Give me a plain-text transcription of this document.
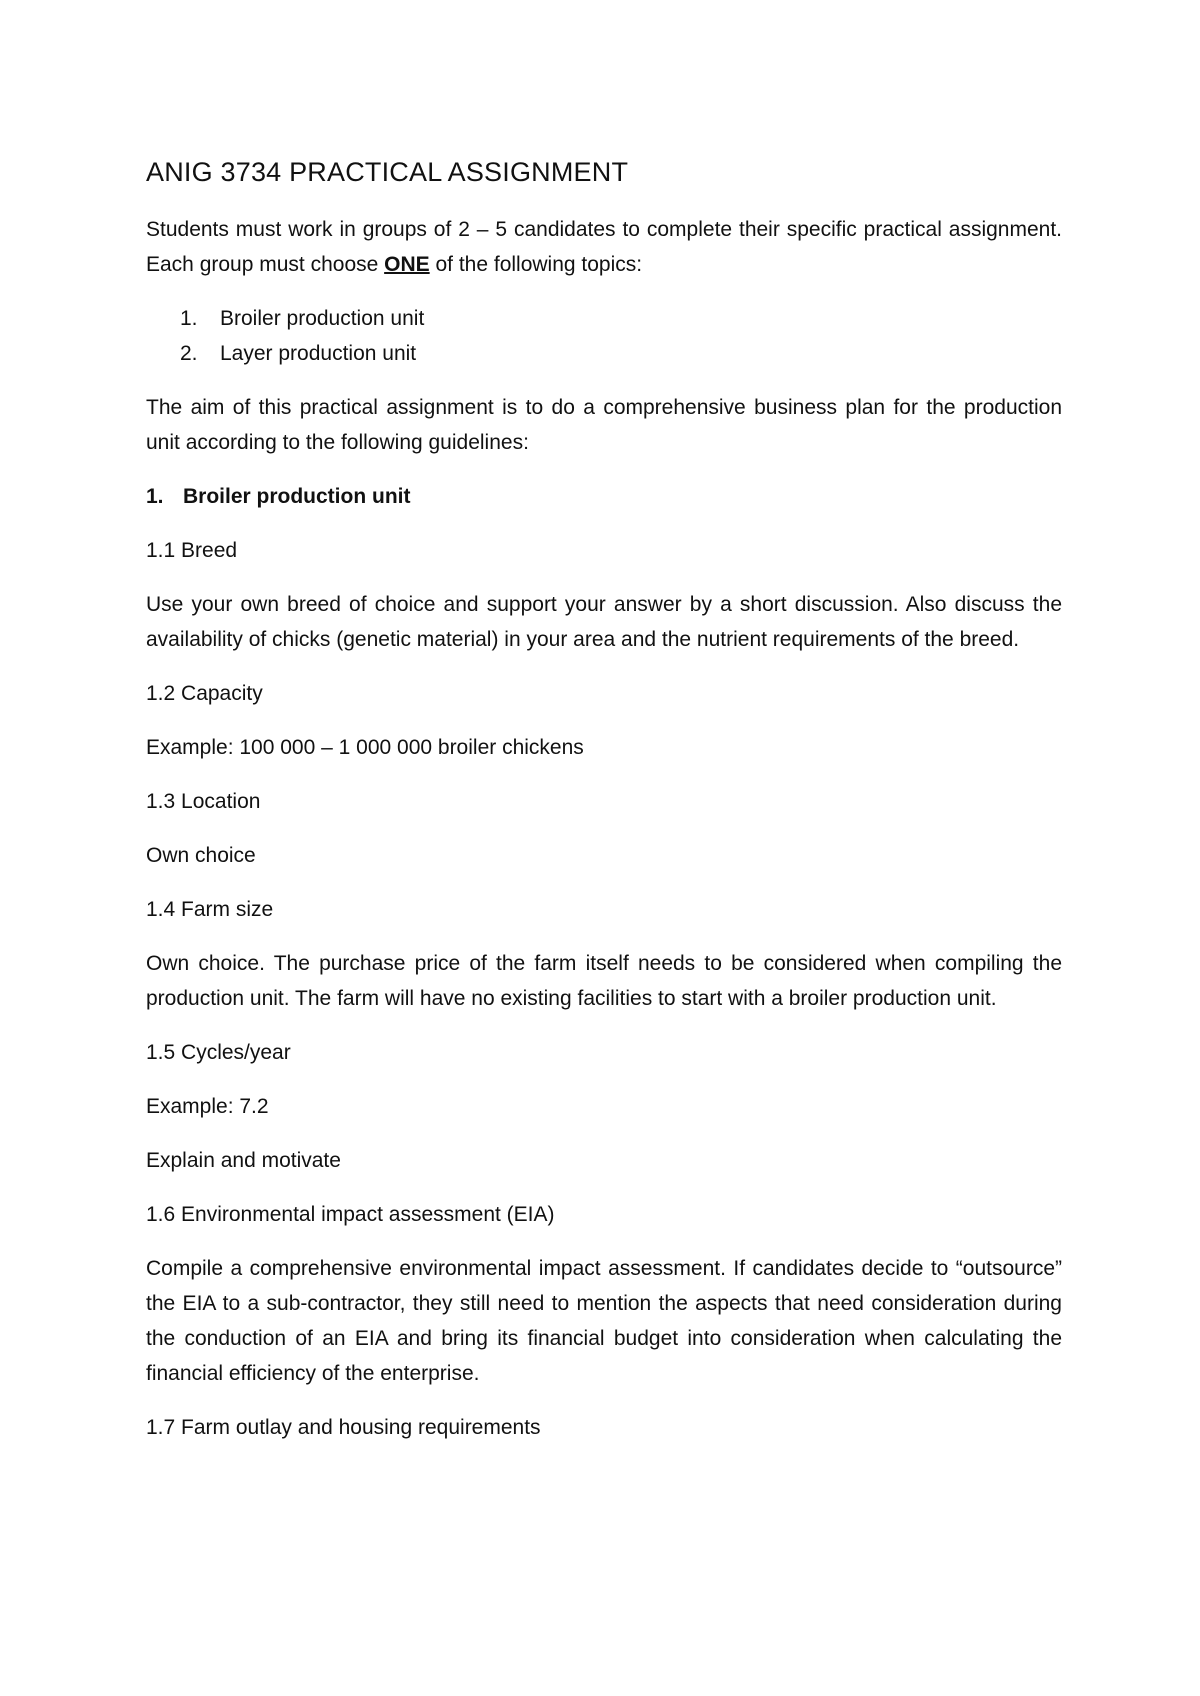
ANIG 3734 PRACTICAL ASSIGNMENT

Students must work in groups of 2 – 5 candidates to complete their specific practical assignment. Each group must choose ONE of the following topics:

1. Broiler production unit
2. Layer production unit

The aim of this practical assignment is to do a comprehensive business plan for the production unit according to the following guidelines:

1. Broiler production unit

1.1 Breed

Use your own breed of choice and support your answer by a short discussion. Also discuss the availability of chicks (genetic material) in your area and the nutrient requirements of the breed.

1.2 Capacity

Example: 100 000 – 1 000 000 broiler chickens

1.3 Location

Own choice

1.4 Farm size

Own choice. The purchase price of the farm itself needs to be considered when compiling the production unit. The farm will have no existing facilities to start with a broiler production unit.

1.5 Cycles/year

Example: 7.2

Explain and motivate

1.6 Environmental impact assessment (EIA)

Compile a comprehensive environmental impact assessment. If candidates decide to “outsource” the EIA to a sub-contractor, they still need to mention the aspects that need consideration during the conduction of an EIA and bring its financial budget into consideration when calculating the financial efficiency of the enterprise.

1.7 Farm outlay and housing requirements
